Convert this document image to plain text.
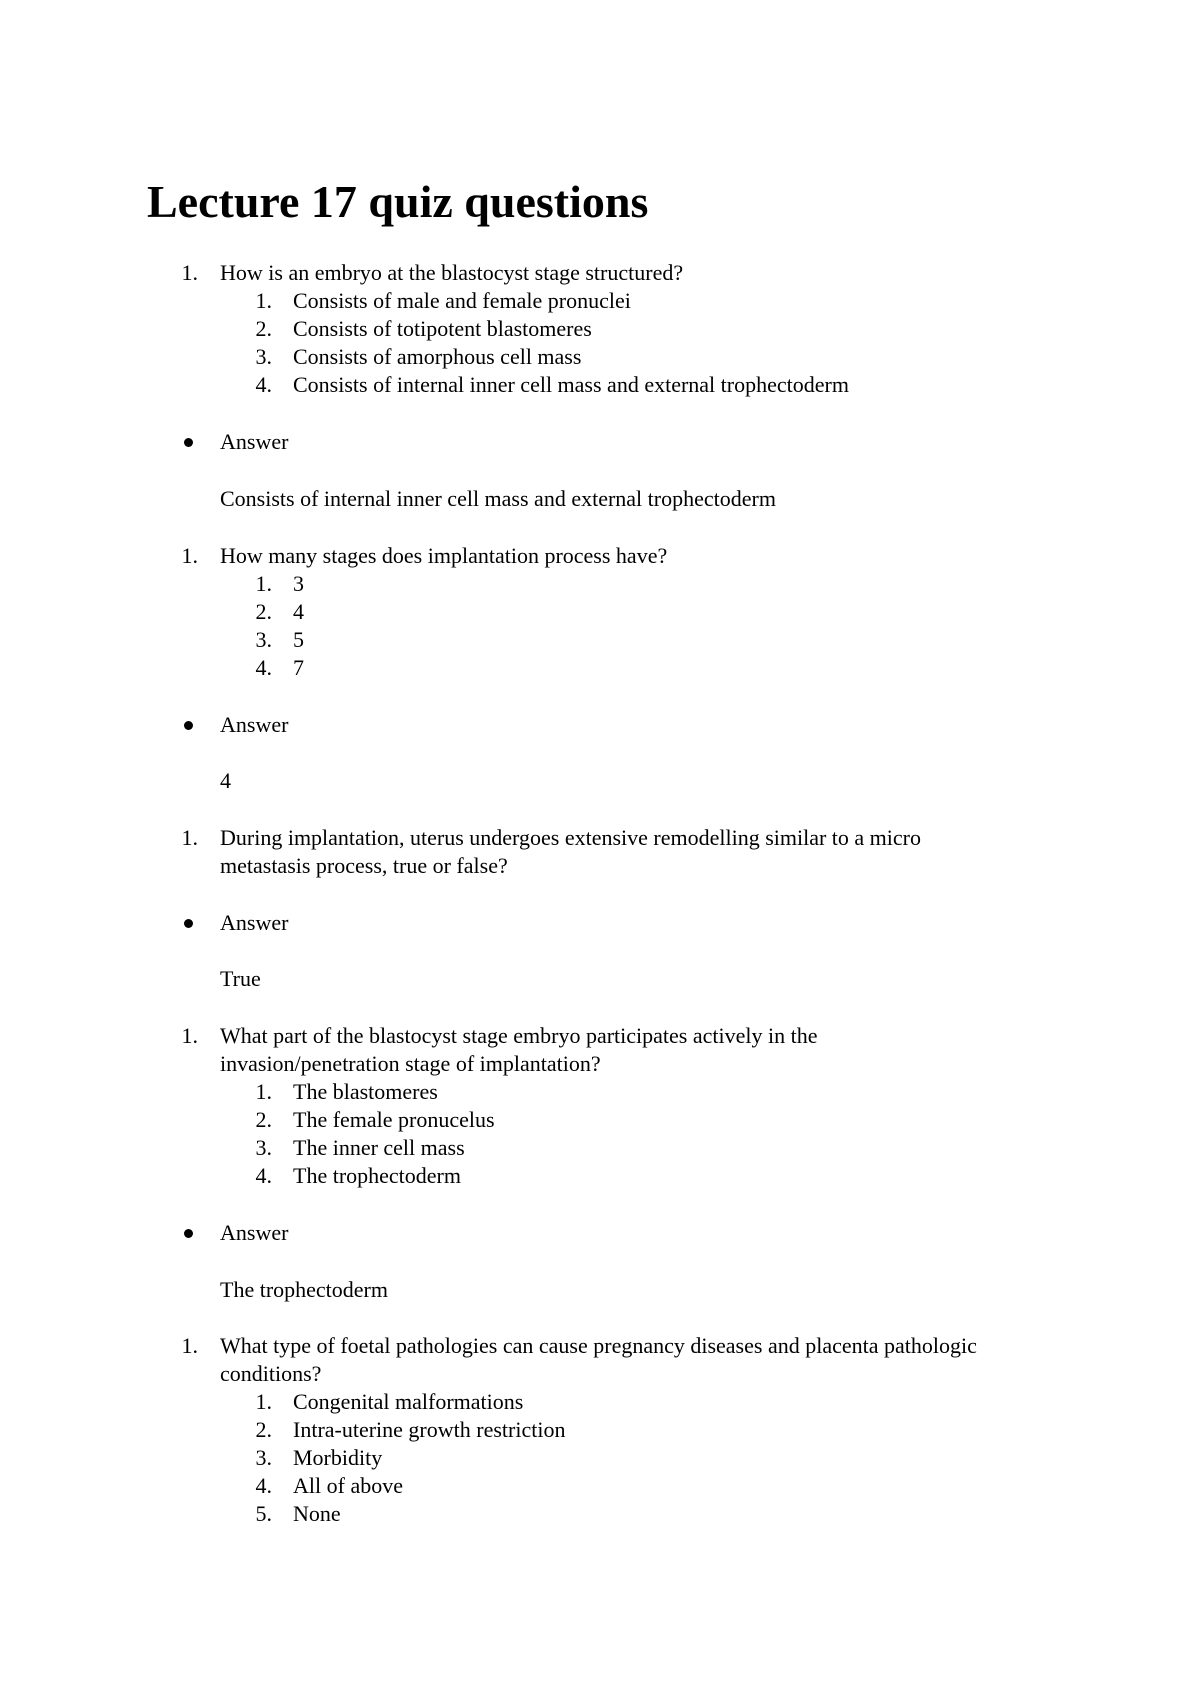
Lecture 17 quiz questions
1. How is an embryo at the blastocyst stage structured?
1. Consists of male and female pronuclei
2. Consists of totipotent blastomeres
3. Consists of amorphous cell mass
4. Consists of internal inner cell mass and external trophectoderm
Answer
Consists of internal inner cell mass and external trophectoderm
1. How many stages does implantation process have?
1. 3
2. 4
3. 5
4. 7
Answer
4
1. During implantation, uterus undergoes extensive remodelling similar to a micro
metastasis process, true or false?
Answer
True
1. What part of the blastocyst stage embryo participates actively in the
invasion/penetration stage of implantation?
1. The blastomeres
2. The female pronucelus
3. The inner cell mass
4. The trophectoderm
Answer
The trophectoderm
1. What type of foetal pathologies can cause pregnancy diseases and placenta pathologic
conditions?
1. Congenital malformations
2. Intra-uterine growth restriction
3. Morbidity
4. All of above
5. None
